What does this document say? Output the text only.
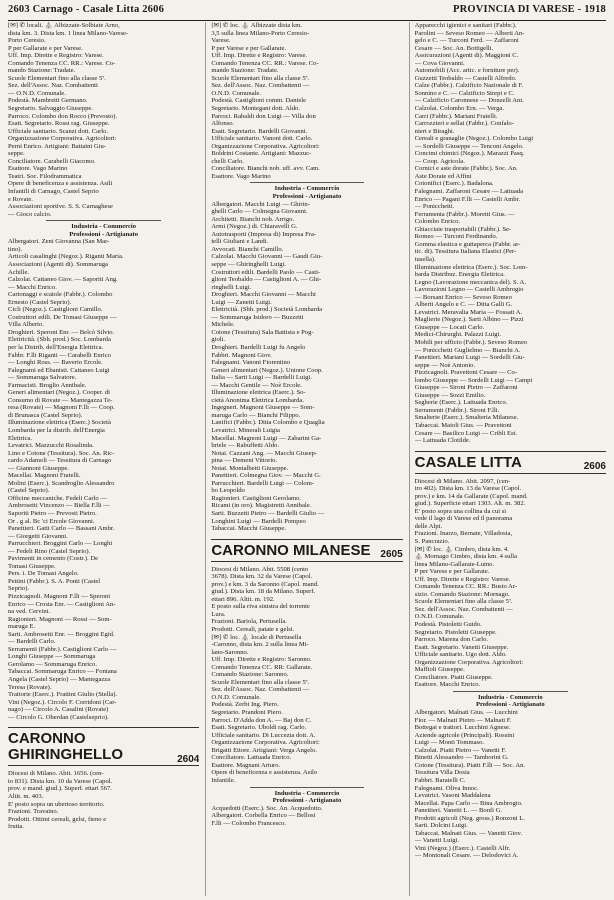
2603 Carnago - Casale Litta 2606	PROVINCIA DI VARESE - 1918

[✉] ✆ locali. ⛪ Albizzate-Solbiate Arno,

dista km. 3. Dista km. 1 linea Milano-Varese-

Porto Ceresio.

P per Gallarate e per Varese.

Uff. Imp. Dirette e Registro: Varese.

Comando Tenenza CC. RR.: Varese. Co-

mando Stazione: Tradate.

Scuole Elementari fino alla classe 5ª.

Sez. dell'Assoc. Naz. Combattenti

— O.N.D. Comunale.

Podestà. Mambretti Germano.

Segretario. Salvaggio Giuseppe.

Parroco. Colombo don Rocco (Prevosto).

Esatt. Segretario. Rossi rag. Giuseppe.

Ufficiale sanitario. Scanzi dott. Carlo.

Organizzazione Corporativa. Agricoltori:

Perni Enrico. Artigiani: Battaini Giu-

seppe.

Conciliatore. Carabelli Giacomo.

Esattore. Vago Marino

Teatri. Soc. Filodrammatica

Opere di beneficenza e assistenza. Asili

Infantili di Carnago, Castel Seprio

e Rovate.

Associazioni sportive. S. S. Carnaghese

— Gioco calcio.

Industria - Commercio

Professioni - Artigianato

Albergatori. Zeni Giovanna (San Mar-

tino).

Articoli casalinghi (Negoz.). Riganti Maria.

Associazioni (Agenti di). Sommaruga

Achille.

Calzolai. Cattaneo Giov. — Saporiti Ang.

— Macchi Enrico.

Cartonaggi e scatole (Fabbr.). Colombo

Ernesto (Castel Seprio).

Cicli (Negoz.). Castiglioni Camillo.

Costruttori edili. De Tomasi Giuseppe —

Villa Alberto.

Droghieri. Speroni Enr. — Belcò Silvio.

Elettricità. (Sbh. prod.) Soc. Lombarda

per la Distrib. dell'Energia Elettrica.

Fabbr. F.lli Riganti — Carabelli Enrico

— Longhi Ross. — Baverio Ercole.

Falegnami ed Ebanisti. Cattaneo Luigi

— Sommaruga Salvatore.

Farmacisti. Broglio Annibale.

Generi alimentari (Negoz.). Cooper. di

Consumo di Rovate — Mantegazza Te-

resa (Rovate) — Magnoni F.lli — Coop.

di Brunasca (Castel Seprio).

Illuminazione elettrica (Eserc.) Società

Lombarda per la distrib. dell'Energia

Elettrica.

Levatrici. Mazzucchi Rosalinda.

Lino e Cotone (Tessitura). Soc. An. Ric-

cardo Adamoli — Tessitura di Carnago

— Giannoni Giuseppe.

Macellai. Magnoni Fratelli.

Molini (Eserc.). Scandroglio Alessandro

(Castel Seprio).

Officine meccaniche. Fedeli Carlo —

Ambrosetti Vincenzo — Biella F.lli —

Saporiti Pietro — Prevosti Pietro.

Or . g al. Bc 'ci Ercole Giovanni.

Panettieri. Gatti Carlo — Bassani Ambr.

— Giorgetti Giovanni.

Parrucchieri. Broggini Carlo — Longhi

— Fedeli Rino (Castel Seprio).

Pavimenti in cemento (Costr.). De

Tomasi Giuseppe.

Pers. i. De Tomasi Angelo.

Pettini (Fabbr.). S. A. Ponti (Castel

Seprio).

Pizzicagnoli. Magnoni F.lli — Speroni

Enrico — Crosta Enr. — Castiglioni An-

na ved. Cervini.

Ragionieri. Magnoni — Rossi — Som-

maruga E.

Sarti. Ambrosetti Enr. — Broggini Egid.

— Bardelli Carlo.

Serramenti (Fabbr.). Castiglioni Carlo —

Longhi Giuseppe — Sommaruga

Gerolamo — Sommaruga Enrico.

Tabaccai. Sommaruga Enrico — Fontana

Angela (Castel Seprio) — Mantegazza

Teresa (Rovate).

Trattorie (Eserc.). Frattini Giulio (Stella).

Vini (Negoz.). Circolo F. Corridoni (Car-

nago) — Circolo A. Casalini (Rovate)

— Circolo G. Oberdan (Castelseprio).

CARONNO GHIRINGHELLO	2604

Diocesi di Milano. Abit. 1656. (cen-

to 831). Dista km. 10 da Varese (Capol.

prov. e mand. giud.). Superf. ettari 567.

Altit. m. 403.

E' posto sopra un ubertoso territorio.

Frazioni. Travaino.

Prodotti. Ottimi cereali, gelsi, fieno e

frutta.

[✉] ✆ loc. ⛪ Albizzate dista km.

3,5 sulla linea Milano-Porto Ceresio-

Varese.

P per Varese e per Gallarate.

Uff. Imp. Dirette e Registro: Varese.

Comando Tenenza CC. RR.: Varese. Co-

mando Stazione: Tradate.

Scuole Elementari fino alla classe 5ª.

Sez. dell'Assoc. Naz. Combattenti —

O.N.D. Comunale.

Podestà. Castiglioni comm. Daniele

Segretario. Montegani dott. Aldo.

Parroci. Rabaldi don Luigi — Villa don

Alfonso.

Esatt. Segretario. Bardelli Giovanni.

Ufficiale sanitario. Vanoni dott. Carlo.

Organizzazione Corporativa. Agricoltori:

Boldrini Costante. Artigiani: Mazzuc-

chelli Carlo.

Conciliatore. Bianchi nob. uff. avv. Cam.

Esattore. Vago Marino

Industria - Commercio

Professioni - Artigianato

Albergatori. Macchi Luigi — Ghirin-

ghelli Carlo — Colmegna Giovanni.

Architetti. Bianchi nob. Arrigo.

Armi (Negoz.) di. Chiaravelli G.

Autotrasporti (Impresa di) Impresa Fra-

telli Giuliani e Landi.

Avvocati. Bianchi Camillo.

Calzolai. Macchi Giovanni — Gaudi Giu-

seppe — Ghiringhelli Luigi.

Costruttori edili. Bardelli Paolo — Casti-

glioni Teobaldo — Castiglioni A. — Ghi-

ringhelli Luigi.

Droghieri. Macchi Giovanni — Macchi

Luigi — Zanetti Luigi.

Elettricità. (Sbh. prod.) Società Lombarda

— Sommaruga Isidoro — Buzzetti

Michele.

Cotone (Tessitura) Sala Battista e Pog-

gioli.

Droghieri. Bardelli Luigi fu Angelo

Fabbri. Magnoni Giov.

Falegnami. Vanoni Fiorentino

Generi alimentari (Negoz.). Unione Coop.

Italia — Sarti Luigi — Bardelli Luigi.

— Macchi Gentile — Noè Ercole.

Illuminazione elettrica (Eserc.). So-

cietà Anonima Elettrica Lombarda.

Ingegneri. Magnoni Giuseppe — Som-

maruga Carlo — Bianchi Filippo.

Lanifici (Fabbr.). Ditta Colombo e Quaglia

Levatrici. Minerali Luigia

Macellai. Magnoni Luigi — Zabarini Ga-

briele — Rabuffetti Aldo.

Notai. Cazzani Ang. — Macchi Giusep-

pina — Demeni Vittorio.

Notai. Montalbetti Giuseppe.

Panettieri. Colmegna Giov. — Macchi G.

Parrucchieri. Bardelli Luigi — Colom-

bo Leopoldo

Ragionieri. Castiglioni Gerolamo.

Ricami (in oro). Magistretti Annibale.

Sarti. Buzzetti Pietro — Bardelli Giulio —

Longhini Luigi — Bardelli Pompeo

Tabaccai. Macchi Giuseppe.

CARONNO MILANESE 2605

Diocesi di Milano. Abit. 5508 (cento

3678). Dista km. 32 da Varese (Capol.

prov.) e km. 3 da Saronno (Capol. mand.

giud.). Dista km. 18 da Milano. Superf.

ettari 896. Altit. m. 192.

E posto sulla riva sinistra del torrente

Lura.

Frazioni. Bariola, Pertusella.

Prodotti. Cereali, patate e gelsi.

[✉] ✆ loc. ⛪ locale di Pertusella

-Caronno, dista km. 2 sulla linea Mi-

lano-Saronno.

Uff. Imp. Dirette e Registro: Saronno.

Comando Tenenza CC. RR: Gallarate.

Comando Stazione: Saronno.

Scuole Elementari fino alla classe 5ª.

Sez. dell'Assoc. Naz. Combattenti —

O.N.D. Comunale.

Podestà. Zerbi Ing. Piero.

Segretario. Prandoni Piero.

Parroci. D'Adda don A. — Baj don C.

Esatt. Segretario. Uboldi rag. Carlo.

Ufficiale sanitario. Di Luccezia dott. A.

Organizzazione Corporativa. Agricoltori:

Brigatti Ettore. Artigiani: Verga Angelo.

Conciliatore. Lattuada Enrico.

Esattore. Magnani Arturo.

Opere di beneficenza e assistenza. Asilo

Infantile.

Industria - Commercio

Professioni - Artigianato

Acquedotti (Eserc.). Soc. An. Acquedotto.

Albergatori. Corbella Enrico — Bellosi

F.lli — Colombo Francesco.

Apparecchi igienici e sanitari (Fabbr.).

Parolini — Seveso Romeo — Alberti An-

gelo e C. — Turconi Ferd. — Zaffaroni

Cesare — Soc. An. Bottigelli.

Assicurazioni (Agenti di). Maggioni C.

— Cova Giovanni.

Automobili (Acc. artic. e forniture per).

Guzzetti Teobaldo — Castelli Alfredo.

Calze (Fabbr.). Calzificio Nazionale di F.

Sonnino e C. — Calzificio Strepi e C.

— Calzificio Caronnese — Donzelli Ant.

Calzolai. Colombo Ern. — Verga.

Carri (Fabbr.). Mariani Fratelli.

Carrozzieri e sellai (Fabbr.). Confalo-

nieri e Biraghi.

Cereali e granaglie (Negoz.). Colombo Luigi

— Sordelli Giuseppe — Tenconi Angelo.

Concimi chimici (Negoz.). Marazzi Pasq.

— Coop. Agricola.

Cornici e aste dorate (Fabbr.). Soc. An.

Aste Dorate ed Affini

Cotonifici (Eserc.). Badalona.

Falegnami. Zaffaroni Cesare — Lattuada

Enrico — Pagani F.lli — Castelli Ambr.

— Ponicchetti.

Ferramenta (Fabbr.). Moretti Gius. —

Colombo Enrico.

Ghiacciaie trasportabili (Fabbr.). Se-

Romeo — Turconi Ferdinando.

Gomma elastica e guttaperca (Fabbr. ar-

tic. di). Tessitura Italiana Elastici (Per-

tusella).

Illuminazione elettrica (Eserc.). Soc. Lom-

barda Distribuz. Energia Elettrica.

Legno (Lavorazione meccanica del). S. A.

Lavorazioni Legno — Castelli Ambrogio

— Borsani Enrico — Seveso Romeo

Alberti Angelo e C. — Ditta Galli G.

Levatrici. Meravalia Maria — Fossati A.

Maglierie (Negoz.). Sarti Albino — Pizzi

Giuseppe — Locati Carlo.

Medici-Chirurghi. Palazzi Luigi.

Mobili per ufficio (Fabbr.). Seveso Romeo

— Ponicchetti Guglielmo — Bianchi A.

Panettieri. Mariani Luigi — Sordelli Giu-

seppe — Noè Antonio.

Pizzicagnoli. Pravettoni Cesare — Co-

lombo Giuseppe — Sordelli Luigi — Campi

Giuseppe — Sironi Pietro — Zaffaroni

Giuseppe — Sozzi Emilio.

Segherie (Eserc.). Lattuada Enrico.

Serramenti (Fabbr.). Sironi F.lli.

Smalterie (Eserc.). Smalteria Milanese.

Tabaccai. Maioli Gius. — Pravettoni

Cesare — Basilico Luigi — Cribli Est.

— Lattuada Clotilde.

CASALE LITTA	2606

Diocesi di Milano. Abit. 2097, (cen-

tro 402). Dista km. 13 da Varese (Capol.

prov.) e km. 14 da Gallarate (Capol. mand.

giud.). Superficie ettari 1303. Alt. m. 382.

E' posto sopra una collina da cui si

vede il lago di Varese ed il panorama

delle Alpi.

Frazioni. Inarzo, Bernate, Villadosia,

S. Pancrazio.

[✉] ✆ loc. ⛪ Cimbro, dista km. 4.

⛪ Mornago Cimbro, dista km. 4 sulla

linea Milano-Gallarate-Luino.

P per Varese e per Gallarate.

Uff. Imp. Dirette e Registro: Varese.

Comando Tenenza CC. RR.: Busto Ar-

sizio. Comando Stazione: Mornago.

Scuole Elementari fino alla classe 5ª.

Sez. dell'Assoc. Naz. Combattenti —

O.N.D. Comunale.

Podestà. Pistoletti Guido.

Segretario. Pistoletti Giuseppe.

Parroco. Marena don Carlo.

Esatt. Segretario. Vanetti Giuseppe.

Ufficiale sanitario. Ugo dott. Aldo.

Organizzazione Corporativa. Agricoltori:

Maffioli Giuseppe.

Conciliatore. Piatti Giuseppe.

Esattore. Macchi Enrico.

Industria - Commercio

Professioni - Artigianato

Albergatori. Malnati Gius. — Lucchini

Fior. — Malnati Pietro — Malnati F.

Bottegai e trattori. Lucchini Agnese.

Aziende agricole (Principali). Rossini

Luigi — Monti Tommaso.

Calzolai. Piatti Pietro — Vanetti F.

Binetti Alessandro — Tamborini G.

Cotone (Tessitura). Piatti F.lli — Soc. An.

Tessitura Villa Dosia

Fabbri. Baratelli C.

Falegnami. Oliva Innoc.

Levatrici. Vasoni Maddalena

Macellai. Papa Carlo — Bina Ambrogio.

Panettieri. Vanetti L. — Bonfi G.

Prodotti agricoli (Neg. gross.) Ronzoni L.

Sarti. Dolcini Luigi.

Tabaccai. Malnati Gius. — Vanetti Giov.

— Vanetti Luigi.

Vini (Negoz.) (Eserc.). Castelli Alfr.

— Montonali Cesare. — Delodovici A.
